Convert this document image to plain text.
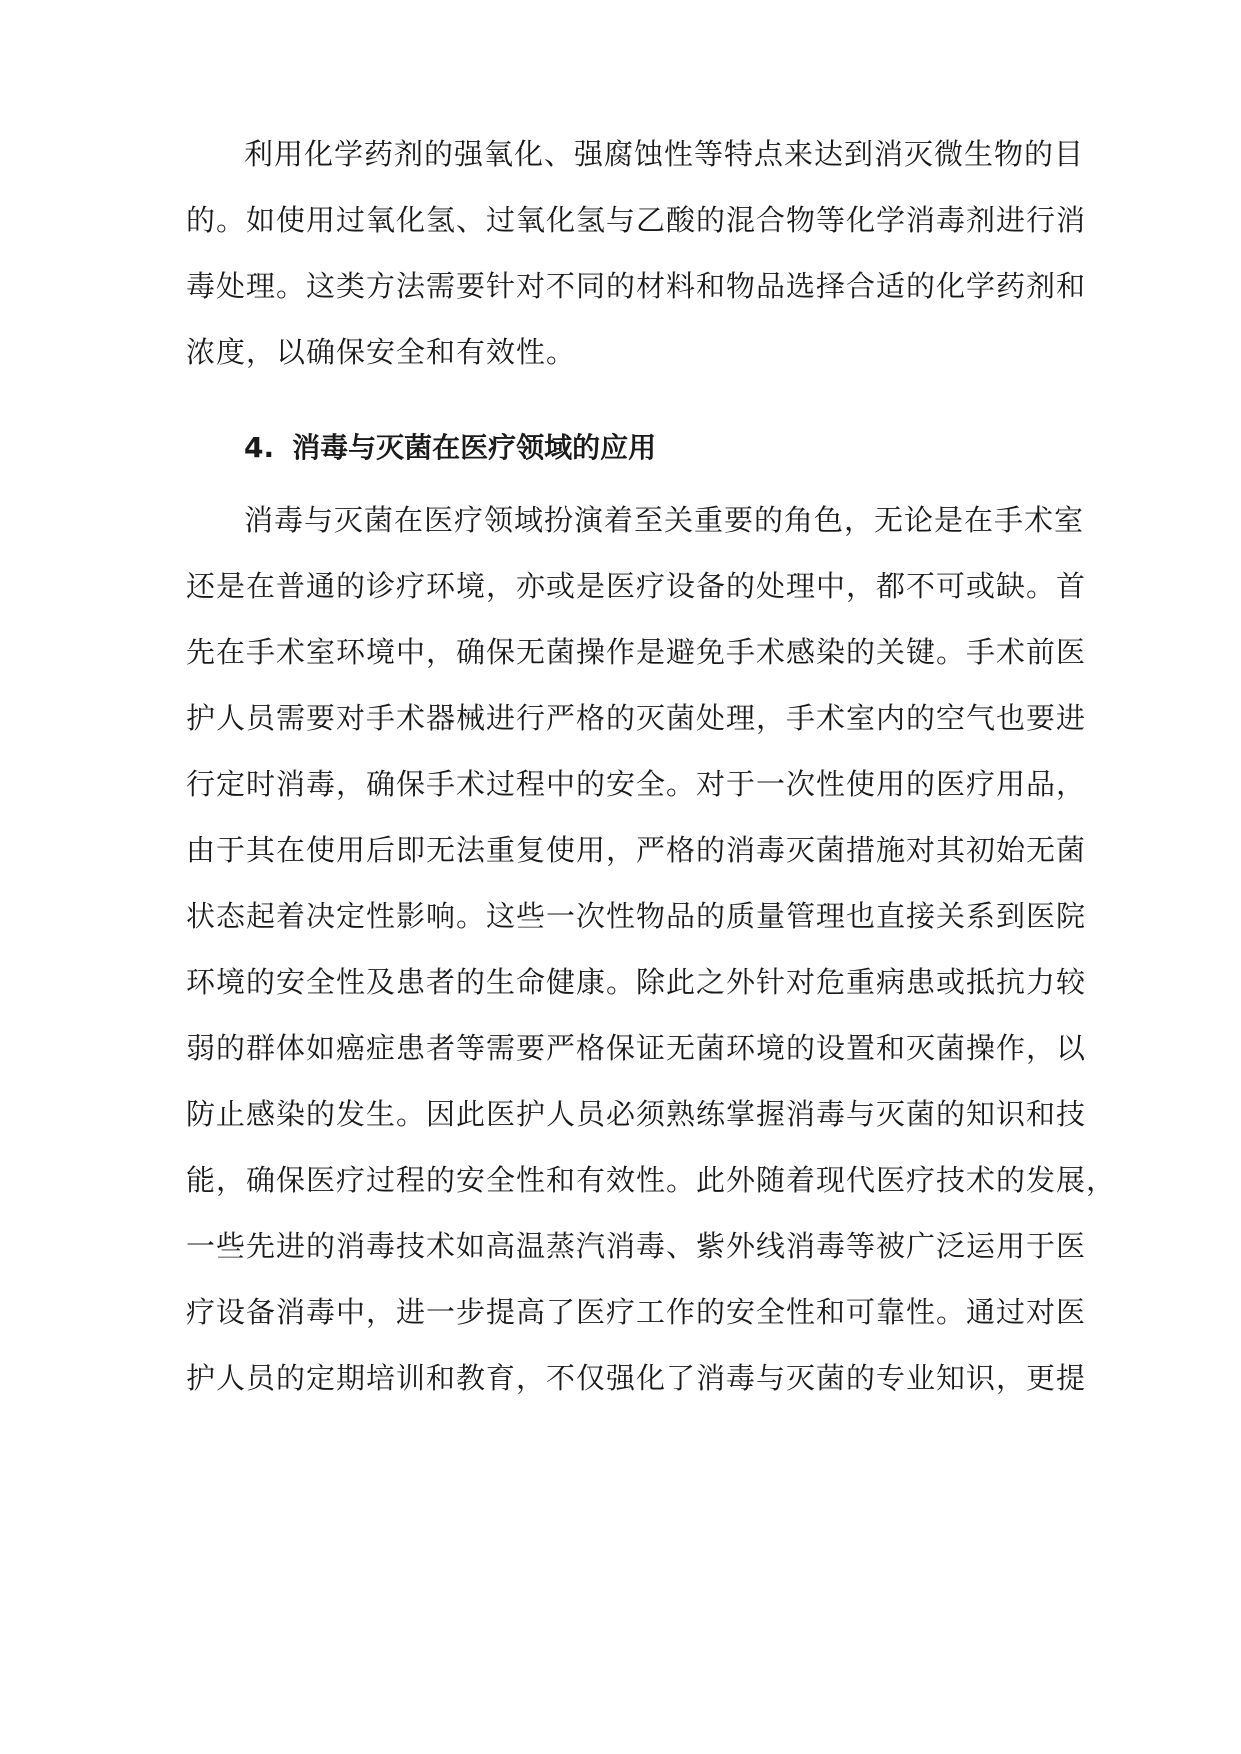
利用化学药剂的强氧化、强腐蚀性等特点来达到消灭微生物的目
的。如使用过氧化氢、过氧化氢与乙酸的混合物等化学消毒剂进行消
毒处理。这类方法需要针对不同的材料和物品选择合适的化学药剂和
浓度，以确保安全和有效性。
4. 消毒与灭菌在医疗领域的应用
消毒与灭菌在医疗领域扮演着至关重要的角色，无论是在手术室
还是在普通的诊疗环境，亦或是医疗设备的处理中，都不可或缺。首
先在手术室环境中，确保无菌操作是避免手术感染的关键。手术前医
护人员需要对手术器械进行严格的灭菌处理，手术室内的空气也要进
行定时消毒，确保手术过程中的安全。对于一次性使用的医疗用品，
由于其在使用后即无法重复使用，严格的消毒灭菌措施对其初始无菌
状态起着决定性影响。这些一次性物品的质量管理也直接关系到医院
环境的安全性及患者的生命健康。除此之外针对危重病患或抵抗力较
弱的群体如癌症患者等需要严格保证无菌环境的设置和灭菌操作，以
防止感染的发生。因此医护人员必须熟练掌握消毒与灭菌的知识和技
能，确保医疗过程的安全性和有效性。此外随着现代医疗技术的发展，
一些先进的消毒技术如高温蒸汽消毒、紫外线消毒等被广泛运用于医
疗设备消毒中，进一步提高了医疗工作的安全性和可靠性。通过对医
护人员的定期培训和教育，不仅强化了消毒与灭菌的专业知识，更提
